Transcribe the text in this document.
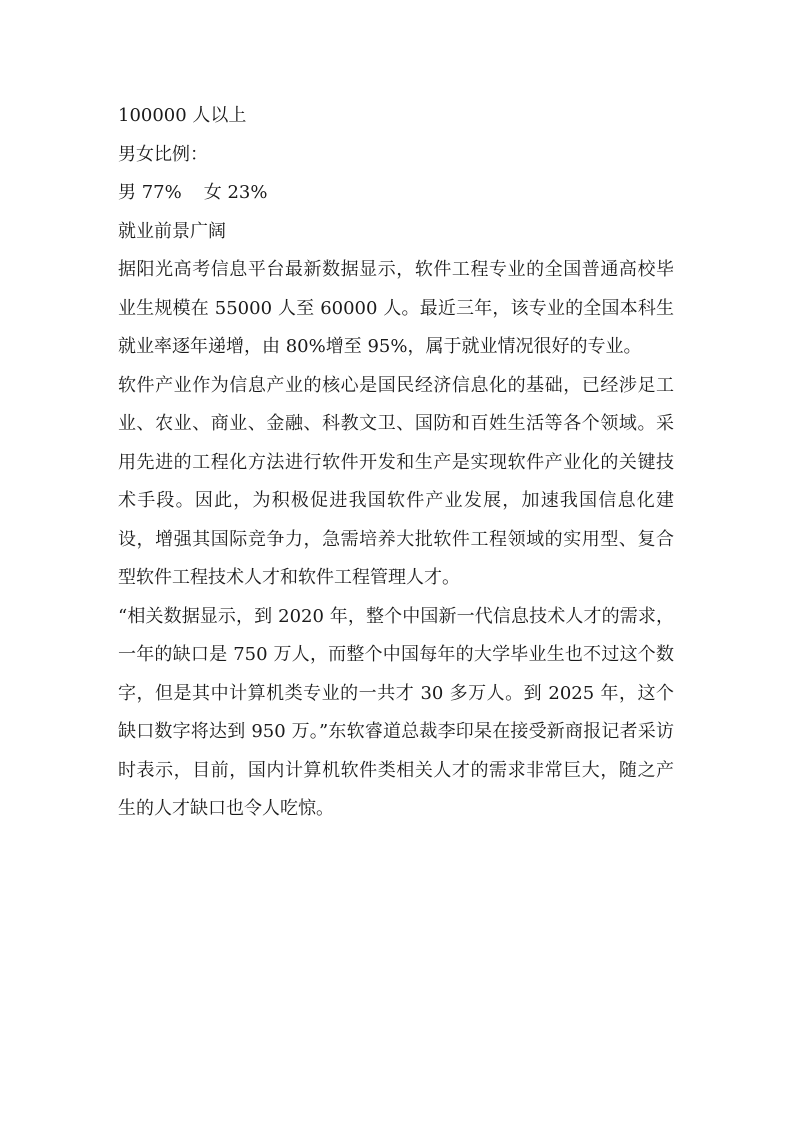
100000 人以上

男女比例：

男 77% 女 23%

就业前景广阔

据阳光高考信息平台最新数据显示，软件工程专业的全国普通高校毕业生规模在 55000 人至 60000 人。最近三年，该专业的全国本科生就业率逐年递增，由 80%增至 95%，属于就业情况很好的专业。

软件产业作为信息产业的核心是国民经济信息化的基础，已经涉足工业、农业、商业、金融、科教文卫、国防和百姓生活等各个领域。采用先进的工程化方法进行软件开发和生产是实现软件产业化的关键技术手段。因此，为积极促进我国软件产业发展，加速我国信息化建设，增强其国际竞争力，急需培养大批软件工程领域的实用型、复合型软件工程技术人才和软件工程管理人才。

“相关数据显示，到 2020 年，整个中国新一代信息技术人才的需求，一年的缺口是 750 万人，而整个中国每年的大学毕业生也不过这个数字，但是其中计算机类专业的一共才 30 多万人。到 2025 年，这个缺口数字将达到 950 万。”东软睿道总裁李印杲在接受新商报记者采访时表示，目前，国内计算机软件类相关人才的需求非常巨大，随之产生的人才缺口也令人吃惊。
